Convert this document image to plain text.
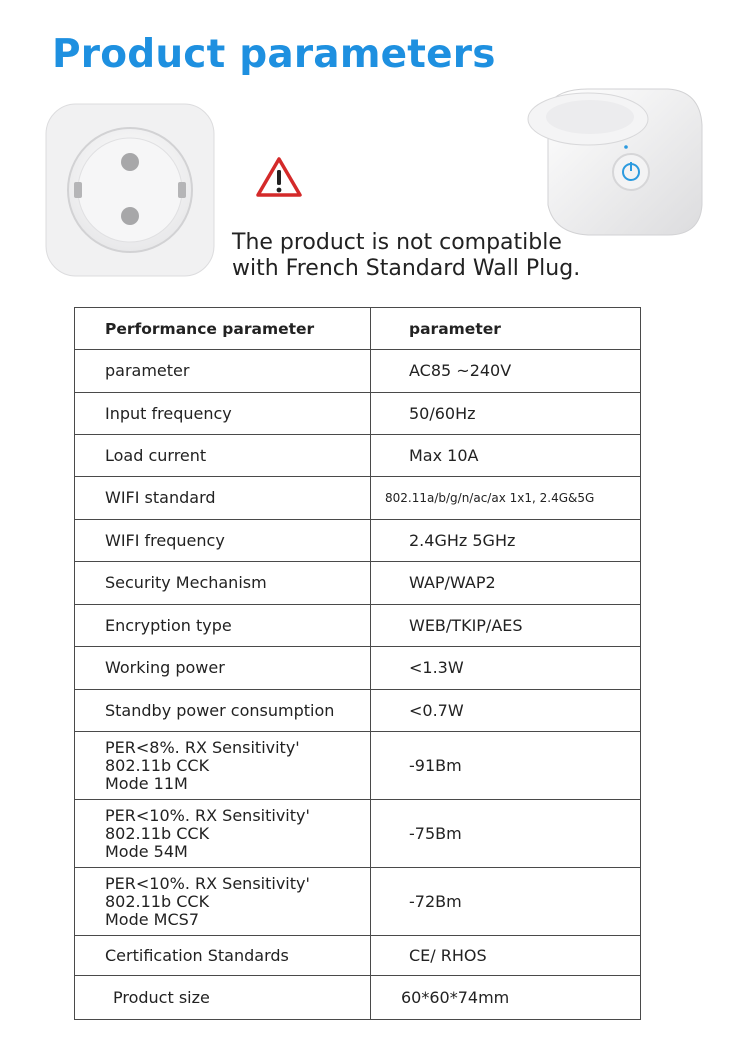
Product parameters

The product is not compatible
with French Standard Wall Plug.

Performance parameter	parameter
parameter	AC85 ~240V
Input frequency	50/60Hz
Load current	Max 10A
WIFI standard	802.11a/b/g/n/ac/ax 1x1, 2.4G&5G
WIFI frequency	2.4GHz 5GHz
Security Mechanism	WAP/WAP2
Encryption type	WEB/TKIP/AES
Working power	<1.3W
Standby power consumption	<0.7W
PER<8%. RX Sensitivity'
802.11b CCK
Mode 11M	-91Bm
PER<10%. RX Sensitivity'
802.11b CCK
Mode 54M	-75Bm
PER<10%. RX Sensitivity'
802.11b CCK
Mode MCS7	-72Bm
Certification Standards	CE/ RHOS
Product size	60*60*74mm
